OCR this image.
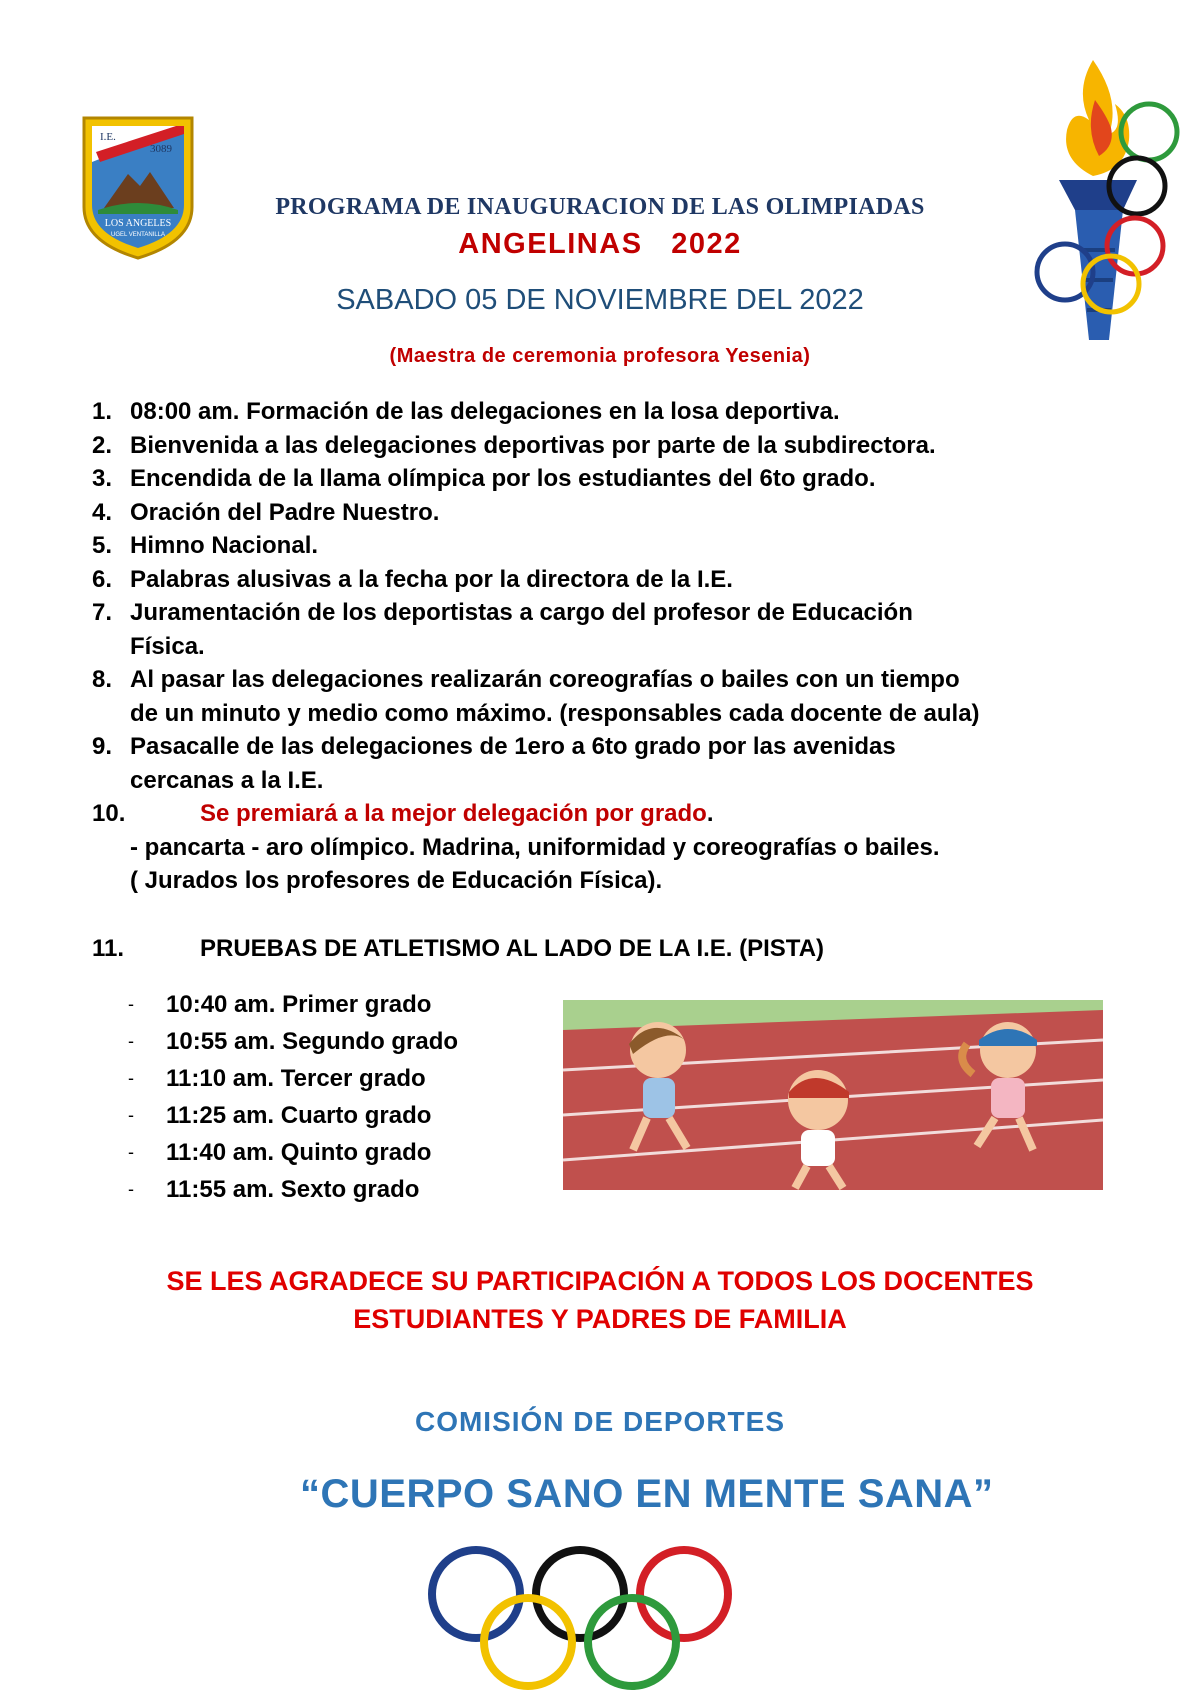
I.E.
3089
LOS ANGELES
UGEL VENTANILLA
PROGRAMA DE INAUGURACION DE LAS OLIMPIADAS
ANGELINAS   2022
SABADO 05 DE NOVIEMBRE DEL 2022
(Maestra de ceremonia profesora Yesenia)
1. 08:00 am. Formación de las delegaciones en la losa deportiva.
2. Bienvenida a las delegaciones deportivas por parte de la subdirectora.
3. Encendida de la llama olímpica por los estudiantes del 6to grado.
4. Oración del Padre Nuestro.
5. Himno Nacional.
6. Palabras alusivas a la fecha por la directora de la I.E.
7. Juramentación de los deportistas a cargo del profesor de Educación
Física.
8. Al pasar las delegaciones realizarán coreografías o bailes con un tiempo
de un minuto y medio como máximo. (responsables cada docente de aula)
9. Pasacalle de las delegaciones de 1ero a 6to grado por las avenidas
cercanas a la I.E.
10.	Se premiará a la mejor delegación por grado.
- pancarta - aro olímpico. Madrina, uniformidad y coreografías o bailes.
( Jurados los profesores de Educación Física).
11.	PRUEBAS DE ATLETISMO AL LADO DE LA I.E. (PISTA)
-	10:40 am. Primer grado
-	10:55 am. Segundo grado
-	11:10 am. Tercer grado
-	11:25 am. Cuarto grado
-	11:40 am. Quinto grado
-	11:55 am. Sexto grado
SE LES AGRADECE SU PARTICIPACIÓN A TODOS LOS DOCENTES
ESTUDIANTES Y PADRES DE FAMILIA
COMISIÓN DE DEPORTES
“CUERPO SANO EN MENTE SANA”
